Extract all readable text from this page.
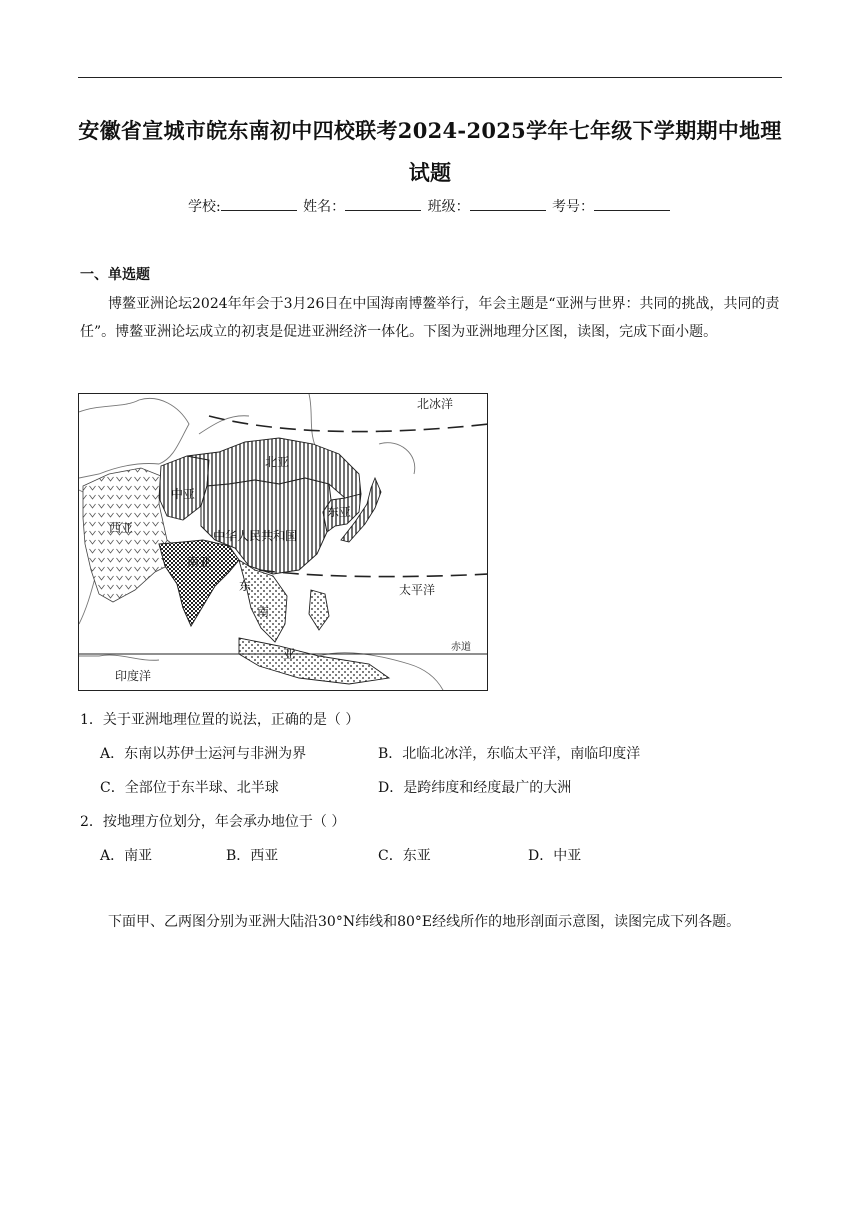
安徽省宣城市皖东南初中四校联考2024-2025学年七年级下学期期中地理
试题
学校:	姓名：	班级：	考号：
一、单选题
博鳌亚洲论坛2024年年会于3月26日在中国海南博鳌举行，年会主题是“亚洲与世界：共同的挑战，共同的责任”。博鳌亚洲论坛成立的初衷是促进亚洲经济一体化。下图为亚洲地理分区图，读图，完成下面小题。
北冰洋
北亚
中亚
西亚
东亚
中华人民共和国
南亚
太平洋
东
南
亚	赤道
印度洋
1．关于亚洲地理位置的说法，正确的是（ ）
A．东南以苏伊士运河与非洲为界	B．北临北冰洋，东临太平洋，南临印度洋
C．全部位于东半球、北半球	D．是跨纬度和经度最广的大洲
2．按地理方位划分，年会承办地位于（ ）
A．南亚	B．西亚	C．东亚	D．中亚
下面甲、乙两图分别为亚洲大陆沿30°N纬线和80°E经线所作的地形剖面示意图，读图完成下列各题。
